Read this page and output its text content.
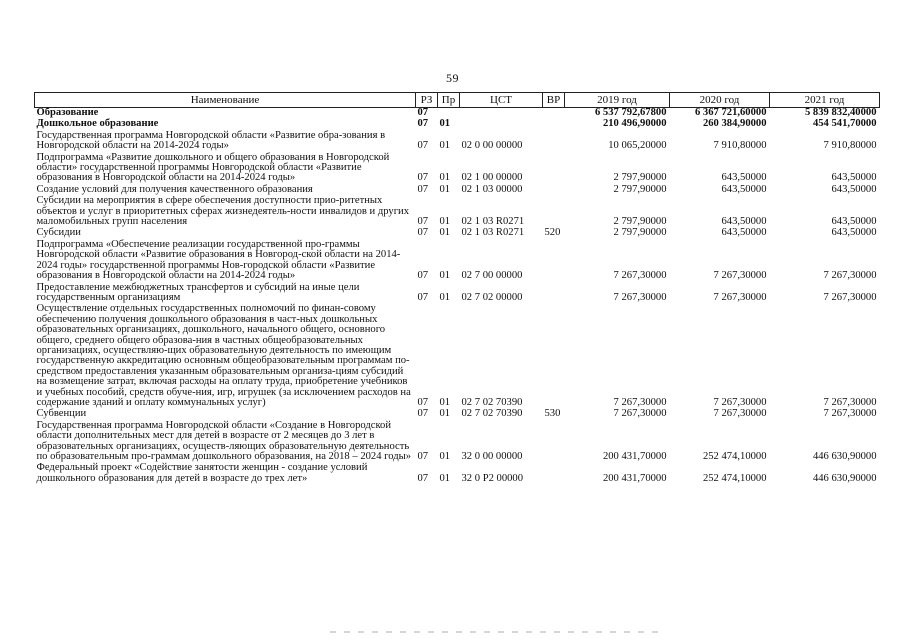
59
Наименование	РЗ	Пр	ЦСТ	ВР	2019 год	2020 год	2021 год
Образование	07				6 537 792,67800	6 367 721,60000	5 839 832,40000
Дошкольное образование	07	01			210 496,90000	260 384,90000	454 541,70000
Государственная программа Новгородской области «Развитие обра-зования в Новгородской области на 2014-2024 годы»	07	01	02 0 00 00000		10 065,20000	7 910,80000	7 910,80000
Подпрограмма «Развитие дошкольного и общего образования в Новгородской области» государственной программы Новгородской области «Развитие образования в Новгородской области на 2014-2024 годы»	07	01	02 1 00 00000		2 797,90000	643,50000	643,50000
Создание условий для получения качественного образования	07	01	02 1 03 00000		2 797,90000	643,50000	643,50000
Субсидии на мероприятия в сфере обеспечения доступности прио-ритетных объектов и услуг в приоритетных сферах жизнедеятель-ности инвалидов и других маломобильных групп населения	07	01	02 1 03 R0271		2 797,90000	643,50000	643,50000
Субсидии	07	01	02 1 03 R0271	520	2 797,90000	643,50000	643,50000
Подпрограмма «Обеспечение реализации государственной про-граммы Новгородской области «Развитие образования в Новгород-ской области на 2014-2024 годы» государственной программы Нов-городской области «Развитие образования в Новгородской области на 2014-2024 годы»	07	01	02 7 00 00000		7 267,30000	7 267,30000	7 267,30000
Предоставление межбюджетных трансфертов и субсидий на иные цели государственным организациям	07	01	02 7 02 00000		7 267,30000	7 267,30000	7 267,30000
Осуществление отдельных государственных полномочий по финан-совому обеспечению получения дошкольного образования в част-ных дошкольных образовательных организациях, дошкольного, начального общего, основного общего, среднего общего образова-ния в частных общеобразовательных организациях, осуществляю-щих образовательную деятельность по имеющим государственную аккредитацию основным общеобразовательным программам по-средством предоставления указанным образовательным организа-циям субсидий на возмещение затрат, включая расходы на оплату труда, приобретение учебников и учебных пособий, средств обуче-ния, игр, игрушек (за исключением расходов на содержание зданий и оплату коммунальных услуг)	07	01	02 7 02 70390		7 267,30000	7 267,30000	7 267,30000
Субвенции	07	01	02 7 02 70390	530	7 267,30000	7 267,30000	7 267,30000
Государственная программа Новгородской области «Создание в Новгородской области дополнительных мест для детей в возрасте от 2 месяцев до 3 лет в образовательных организациях, осуществ-ляющих образовательную деятельность по образовательным про-граммам дошкольного образования, на 2018 – 2024 годы»	07	01	32 0 00 00000		200 431,70000	252 474,10000	446 630,90000
Федеральный проект «Содействие занятости женщин - создание условий дошкольного образования для детей в возрасте до трех лет»	07	01	32 0 P2 00000		200 431,70000	252 474,10000	446 630,90000
